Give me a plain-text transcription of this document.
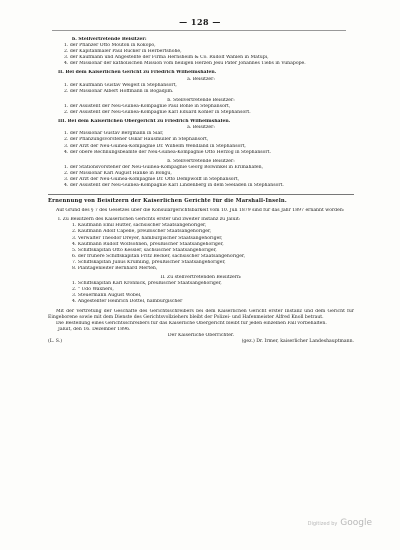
— 128 —
b. Stellvertretende Beisitzer:
1. der Pflanzer Otto Mouton in Kokopo,
2. der Kapitänmaler Paul Rücker in Herbertshöhe,
3. der Kaufmann und Angestellte der Firma Hernsheim & Co. Rudolf Wahlen in Matupi,
4. der Missionar der katholischen Mission vom heiligen Herzen Jesu Pater Johannes Tiebs in Vunapope.
II. Bei dem Kaiserlichen Gericht zu Friedrich Wilhelmshafen.
a. Beisitzer:
1. der Kaufmann Gustav Weigelt in Stephansort,
2. der Missionar Albert Hoffmann in Bogadjim.
b. Stellvertretende Beisitzer:
1. der Assistent der Neu-Guinea-Kompagnie Paul Böhle in Stephansort,
2. der Assistent der Neu-Guinea-Kompagnie Karl Eduard Köhler in Stephansort.
III. Bei dem Kaiserlichen Obergericht zu Friedrich Wilhelmshafen.
a. Beisitzer:
1. der Missionar Gustav Bergmann in Siar,
2. der Pflanzungsvorsteher Oskar Hausmüller in Stephansort,
3. der Arzt der Neu-Guinea-Kompagnie Dr. Wilhelm Wendland in Stephansort,
4. der obere Rechnungsbeamte der Neu-Guinea-Kompagnie Otto Herzog in Stephansort.
b. Stellvertretende Beisitzer:
1. der Stationsvorsteher der Neu-Guinea-Kompagnie Georg Bolwinkel in Erimahafen,
2. der Missionar Karl August Hanke in Bongu,
3. der Arzt der Neu-Guinea-Kompagnie Dr. Otto Dempwolff in Stephansort,
4. der Assistent der Neu-Guinea-Kompagnie Karl Lindenberg in dem Seeladen in Stephansort.
Ernennung von Beisitzern der Kaiserlichen Gerichte für die Marshall-Inseln.
Auf Grund des § 7 des Gesetzes über die Konsulargerichtsbarkeit vom 10. Juli 1879 sind für das Jahr 1897 ernannt worden:
I. Zu Beisitzern des Kaiserlichen Gerichts erster und zweiter Instanz zu Jaluit:
1. Kaufmann Emil Hütter, sächsischer Staatsangehöriger,
2. Kaufmann Adolf Capelle, preußischer Staatsangehöriger,
3. Verwalter Theodor Dreyer, hamburgischer Staatsangehöriger,
4. Kaufmann Rudolf Wolfsohnen, preußischer Staatsangehöriger,
5. Schiffskapitän Otto Kessler, sächsischer Staatsangehöriger,
6. der frühere Schiffskapitän Fritz Becker, sächsischer Staatsangehöriger,
7. Schiffskapitän Julius Krümling, preußischer Staatsangehöriger,
8. Plantagenleiter Bernhard Merten,
II. Zu stellvertretenden Beisitzern:
1. Schiffskapitän Karl Kronnick, preußischer Staatsangehöriger,
2. " Udo Waxners,
3. Steuermann August Wöbel,
4. Angestellter Heinrich Döttel, hamburgischer
Mit der Vertretung der Geschäfte des Gerichtsschreibers bei dem Kaiserlichen Gericht erster Instanz und dem Gericht für Eingeborene sowie mit dem Dienste des Gerichtsvollziehers bleibt der Polizei- und Hafenmeister Alfred Knoll betraut.
Die Bestellung eines Gerichtsschreibers für das Kaiserliche Obergericht bleibt für jeden einzelnen Fall vorbehalten.
Jaluit, den 16. Dezember 1896.
Der Kaiserliche Oberrichter.
(L. S.)	(gez.) Dr. Irmer, kaiserlicher Landeshauptmann.
Digitized by Google
